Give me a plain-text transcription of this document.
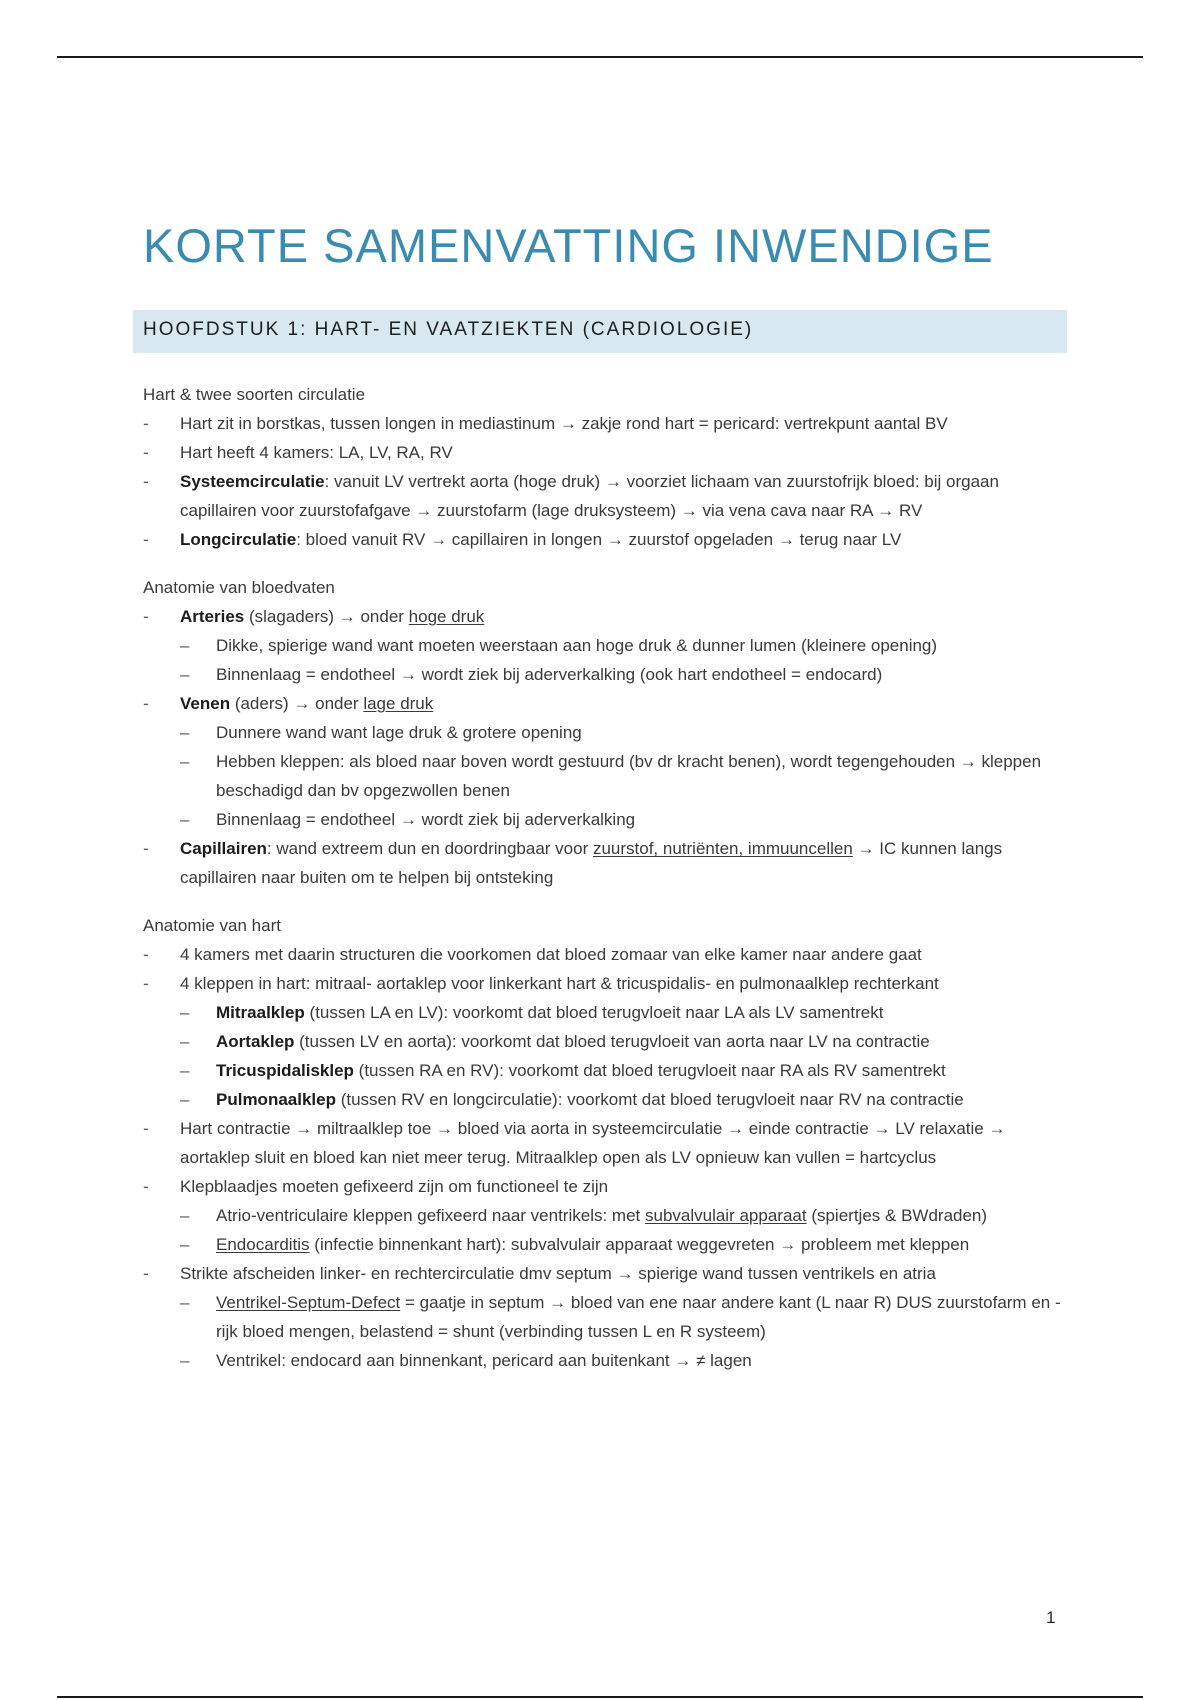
KORTE SAMENVATTING INWENDIGE
HOOFDSTUK 1: HART- EN VAATZIEKTEN (CARDIOLOGIE)
Hart & twee soorten circulatie
-	Hart zit in borstkas, tussen longen in mediastinum → zakje rond hart = pericard: vertrekpunt aantal BV
-	Hart heeft 4 kamers: LA, LV, RA, RV
-	Systeemcirculatie: vanuit LV vertrekt aorta (hoge druk) → voorziet lichaam van zuurstofrijk bloed: bij orgaan capillairen voor zuurstofafgave → zuurstofarm (lage druksysteem) → via vena cava naar RA → RV
-	Longcirculatie: bloed vanuit RV → capillairen in longen → zuurstof opgeladen → terug naar LV
Anatomie van bloedvaten
-	Arteries (slagaders) → onder hoge druk
–	Dikke, spierige wand want moeten weerstaan aan hoge druk & dunner lumen (kleinere opening)
–	Binnenlaag = endotheel → wordt ziek bij aderverkalking (ook hart endotheel = endocard)
-	Venen (aders) → onder lage druk
–	Dunnere wand want lage druk & grotere opening
–	Hebben kleppen: als bloed naar boven wordt gestuurd (bv dr kracht benen), wordt tegengehouden → kleppen beschadigd dan bv opgezwollen benen
–	Binnenlaag = endotheel → wordt ziek bij aderverkalking
-	Capillairen: wand extreem dun en doordringbaar voor zuurstof, nutriënten, immuuncellen → IC kunnen langs capillairen naar buiten om te helpen bij ontsteking
Anatomie van hart
-	4 kamers met daarin structuren die voorkomen dat bloed zomaar van elke kamer naar andere gaat
-	4 kleppen in hart: mitraal- aortaklep voor linkerkant hart & tricuspidalis- en pulmonaalklep rechterkant
–	Mitraalklep (tussen LA en LV): voorkomt dat bloed terugvloeit naar LA als LV samentrekt
–	Aortaklep (tussen LV en aorta): voorkomt dat bloed terugvloeit van aorta naar LV na contractie
–	Tricuspidalisklep (tussen RA en RV): voorkomt dat bloed terugvloeit naar RA als RV samentrekt
–	Pulmonaalklep (tussen RV en longcirculatie): voorkomt dat bloed terugvloeit naar RV na contractie
-	Hart contractie → miltraalklep toe → bloed via aorta in systeemcirculatie → einde contractie → LV relaxatie → aortaklep sluit en bloed kan niet meer terug. Mitraalklep open als LV opnieuw kan vullen = hartcyclus
-	Klepblaadjes moeten gefixeerd zijn om functioneel te zijn
–	Atrio-ventriculaire kleppen gefixeerd naar ventrikels: met subvalvulair apparaat (spiertjes & BWdraden)
–	Endocarditis (infectie binnenkant hart): subvalvulair apparaat weggevreten → probleem met kleppen
-	Strikte afscheiden linker- en rechtercirculatie dmv septum → spierige wand tussen ventrikels en atria
–	Ventrikel-Septum-Defect = gaatje in septum → bloed van ene naar andere kant (L naar R) DUS zuurstofarm en -rijk bloed mengen, belastend = shunt (verbinding tussen L en R systeem)
–	Ventrikel: endocard aan binnenkant, pericard aan buitenkant → ≠ lagen
1
